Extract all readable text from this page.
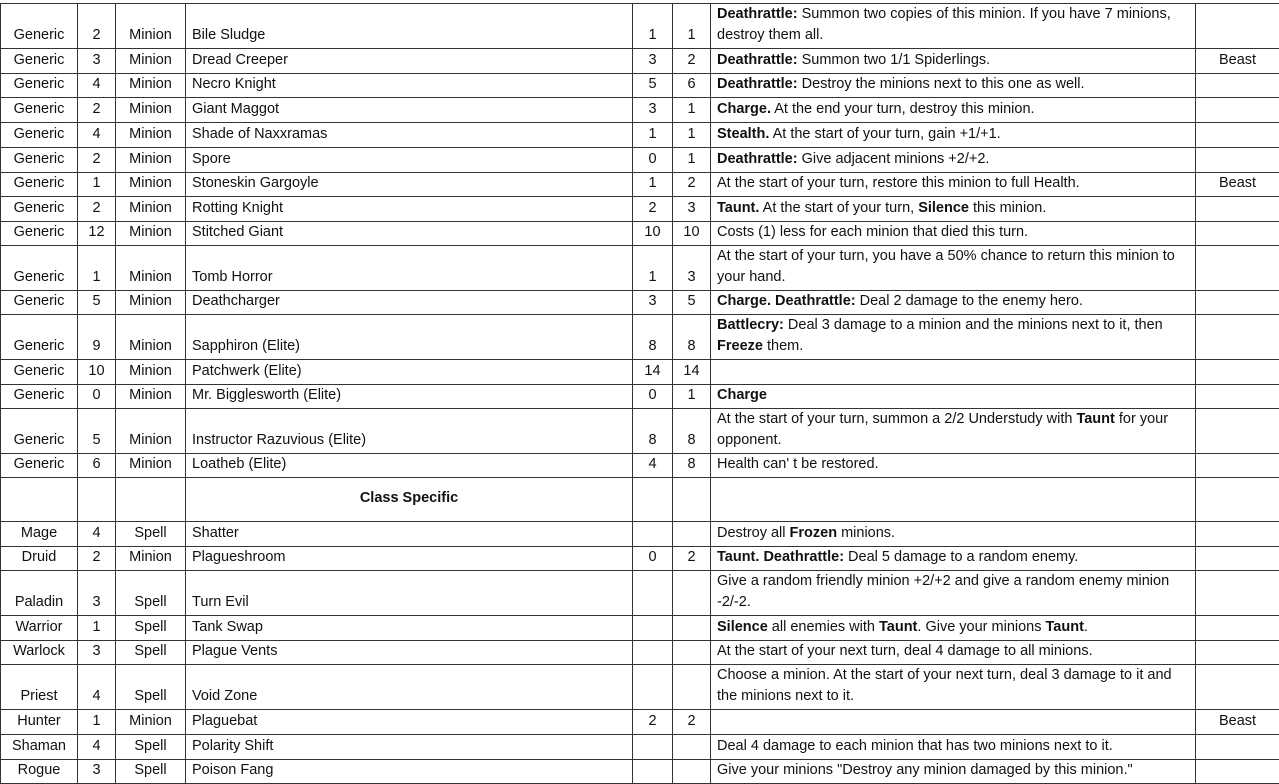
Generic	2	Minion	Bile Sludge	1	1	Deathrattle: Summon two copies of this minion. If you have 7 minions, destroy them all.	
Generic	3	Minion	Dread Creeper	3	2	Deathrattle: Summon two 1/1 Spiderlings.	Beast
Generic	4	Minion	Necro Knight	5	6	Deathrattle: Destroy the minions next to this one as well.	
Generic	2	Minion	Giant Maggot	3	1	Charge. At the end your turn, destroy this minion.	
Generic	4	Minion	Shade of Naxxramas	1	1	Stealth. At the start of your turn, gain +1/+1.	
Generic	2	Minion	Spore	0	1	Deathrattle: Give adjacent minions +2/+2.	
Generic	1	Minion	Stoneskin Gargoyle	1	2	At the start of your turn, restore this minion to full Health.	Beast
Generic	2	Minion	Rotting Knight	2	3	Taunt. At the start of your turn, Silence this minion.	
Generic	12	Minion	Stitched Giant	10	10	Costs (1) less for each minion that died this turn.	
Generic	1	Minion	Tomb Horror	1	3	At the start of your turn, you have a 50% chance to return this minion to your hand.	
Generic	5	Minion	Deathcharger	3	5	Charge. Deathrattle: Deal 2 damage to the enemy hero.	
Generic	9	Minion	Sapphiron (Elite)	8	8	Battlecry: Deal 3 damage to a minion and the minions next to it, then Freeze them.	
Generic	10	Minion	Patchwerk (Elite)	14	14		
Generic	0	Minion	Mr. Bigglesworth (Elite)	0	1	Charge	
Generic	5	Minion	Instructor Razuvious (Elite)	8	8	At the start of your turn, summon a 2/2 Understudy with Taunt for your opponent.	
Generic	6	Minion	Loatheb (Elite)	4	8	Health can' t be restored.	
			Class Specific				
Mage	4	Spell	Shatter			Destroy all Frozen minions.	
Druid	2	Minion	Plagueshroom	0	2	Taunt. Deathrattle: Deal 5 damage to a random enemy.	
Paladin	3	Spell	Turn Evil			Give a random friendly minion +2/+2 and give a random enemy minion -2/-2.	
Warrior	1	Spell	Tank Swap			Silence all enemies with Taunt. Give your minions Taunt.	
Warlock	3	Spell	Plague Vents			At the start of your next turn, deal 4 damage to all minions.	
Priest	4	Spell	Void Zone			Choose a minion. At the start of your next turn, deal 3 damage to it and the minions next to it.	
Hunter	1	Minion	Plaguebat	2	2		Beast
Shaman	4	Spell	Polarity Shift			Deal 4 damage to each minion that has two minions next to it.	
Rogue	3	Spell	Poison Fang			Give your minions "Destroy any minion damaged by this minion."	
